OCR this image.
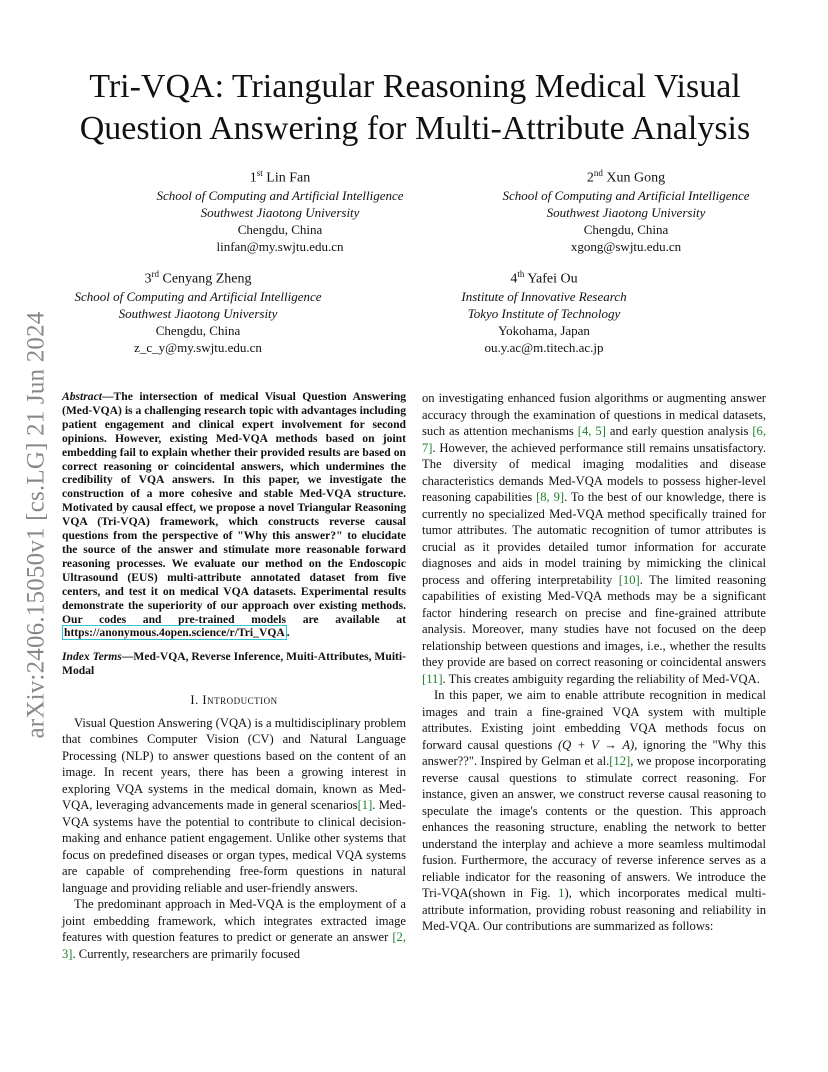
arXiv:2406.15050v1 [cs.LG] 21 Jun 2024
Tri-VQA: Triangular Reasoning Medical Visual Question Answering for Multi-Attribute Analysis
1st Lin Fan
School of Computing and Artificial Intelligence
Southwest Jiaotong University
Chengdu, China
linfan@my.swjtu.edu.cn
2nd Xun Gong
School of Computing and Artificial Intelligence
Southwest Jiaotong University
Chengdu, China
xgong@swjtu.edu.cn
3rd Cenyang Zheng
School of Computing and Artificial Intelligence
Southwest Jiaotong University
Chengdu, China
z_c_y@my.swjtu.edu.cn
4th Yafei Ou
Institute of Innovative Research
Tokyo Institute of Technology
Yokohama, Japan
ou.y.ac@m.titech.ac.jp

Abstract—The intersection of medical Visual Question Answering (Med-VQA) is a challenging research topic with advantages including patient engagement and clinical expert involvement for second opinions. However, existing Med-VQA methods based on joint embedding fail to explain whether their provided results are based on correct reasoning or coincidental answers, which undermines the credibility of VQA answers. In this paper, we investigate the construction of a more cohesive and stable Med-VQA structure. Motivated by causal effect, we propose a novel Triangular Reasoning VQA (Tri-VQA) framework, which constructs reverse causal questions from the perspective of "Why this answer?" to elucidate the source of the answer and stimulate more reasonable forward reasoning processes. We evaluate our method on the Endoscopic Ultrasound (EUS) multi-attribute annotated dataset from five centers, and test it on medical VQA datasets. Experimental results demonstrate the superiority of our approach over existing methods. Our codes and pre-trained models are available at https://anonymous.4open.science/r/Tri_VQA .

Index Terms—Med-VQA, Reverse Inference, Muiti-Attributes, Muiti-Modal

I. Introduction

Visual Question Answering (VQA) is a multidisciplinary problem that combines Computer Vision (CV) and Natural Language Processing (NLP) to answer questions based on the content of an image. In recent years, there has been a growing interest in exploring VQA systems in the medical domain, known as Med-VQA, leveraging advancements made in general scenarios[1]. Med-VQA systems have the potential to contribute to clinical decision-making and enhance patient engagement. Unlike other systems that focus on predefined diseases or organ types, medical VQA systems are capable of comprehending free-form questions in natural language and providing reliable and user-friendly answers.

The predominant approach in Med-VQA is the employment of a joint embedding framework, which integrates extracted image features with question features to predict or generate an answer [2, 3]. Currently, researchers are primarily focused

on investigating enhanced fusion algorithms or augmenting answer accuracy through the examination of questions in medical datasets, such as attention mechanisms [4, 5] and early question analysis [6, 7]. However, the achieved performance still remains unsatisfactory. The diversity of medical imaging modalities and disease characteristics demands Med-VQA models to possess higher-level reasoning capabilities [8, 9]. To the best of our knowledge, there is currently no specialized Med-VQA method specifically trained for tumor attributes. The automatic recognition of tumor attributes is crucial as it provides detailed tumor information for accurate diagnoses and aids in model training by mimicking the clinical process and offering interpretability [10]. The limited reasoning capabilities of existing Med-VQA methods may be a significant factor hindering research on precise and fine-grained attribute analysis. Moreover, many studies have not focused on the deep relationship between questions and images, i.e., whether the results they provide are based on correct reasoning or coincidental answers [11]. This creates ambiguity regarding the reliability of Med-VQA.

In this paper, we aim to enable attribute recognition in medical images and train a fine-grained VQA system with multiple attributes. Existing joint embedding VQA methods focus on forward causal questions (Q + V → A), ignoring the "Why this answer??". Inspired by Gelman et al.[12], we propose incorporating reverse causal questions to stimulate correct reasoning. For instance, given an answer, we construct reverse causal reasoning to speculate the image's contents or the question. This approach enhances the reasoning structure, enabling the network to better understand the interplay and achieve a more seamless multimodal fusion. Furthermore, the accuracy of reverse inference serves as a reliable indicator for the reasoning of answers. We introduce the Tri-VQA(shown in Fig. 1), which incorporates medical multi-attribute information, providing robust reasoning and reliability in Med-VQA. Our contributions are summarized as follows:
